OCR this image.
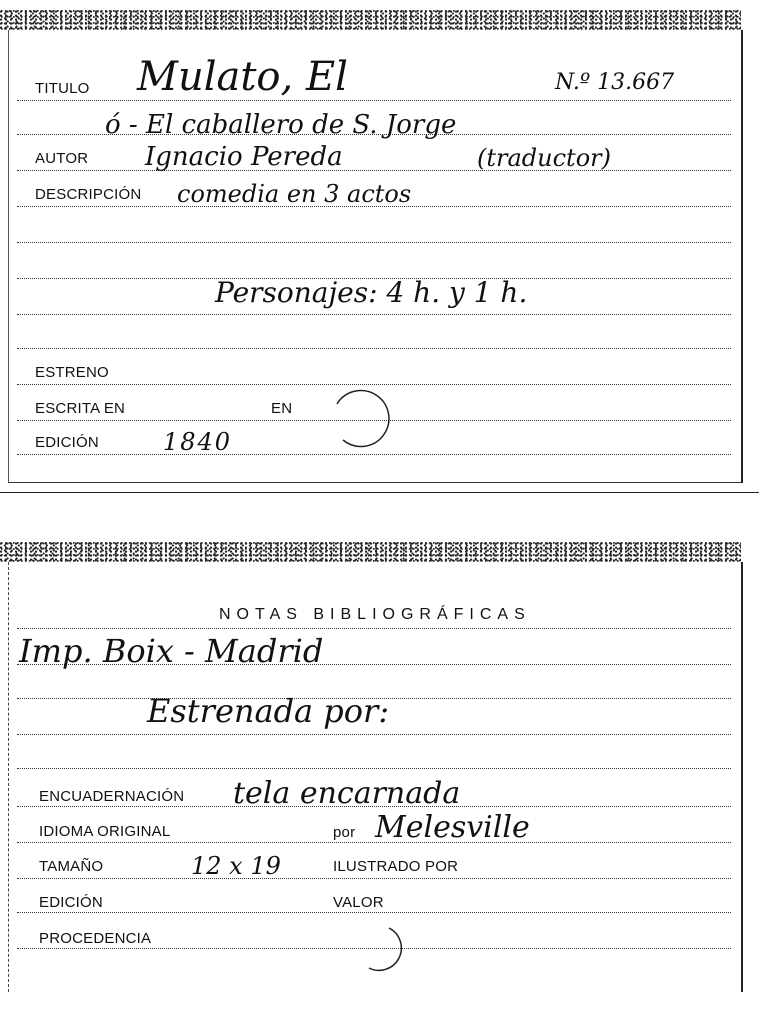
TITULO Mulato, El	N.º 13.667
ó - El caballero de S. Jorge
AUTOR Ignacio Pereda	(traductor)
DESCRIPCIÓN comedia en 3 actos
Personajes: 4 h. y 1 h.
ESTRENO
ESCRITA EN	EN
EDICIÓN	1840
NOTAS BIBLIOGRÁFICAS
Imp. Boix - Madrid
Estrenada por:
ENCUADERNACIÓN tela encarnada
IDIOMA ORIGINAL	por Melesville
TAMAÑO	12 x 19	ILUSTRADO POR
EDICIÓN	VALOR
PROCEDENCIA
